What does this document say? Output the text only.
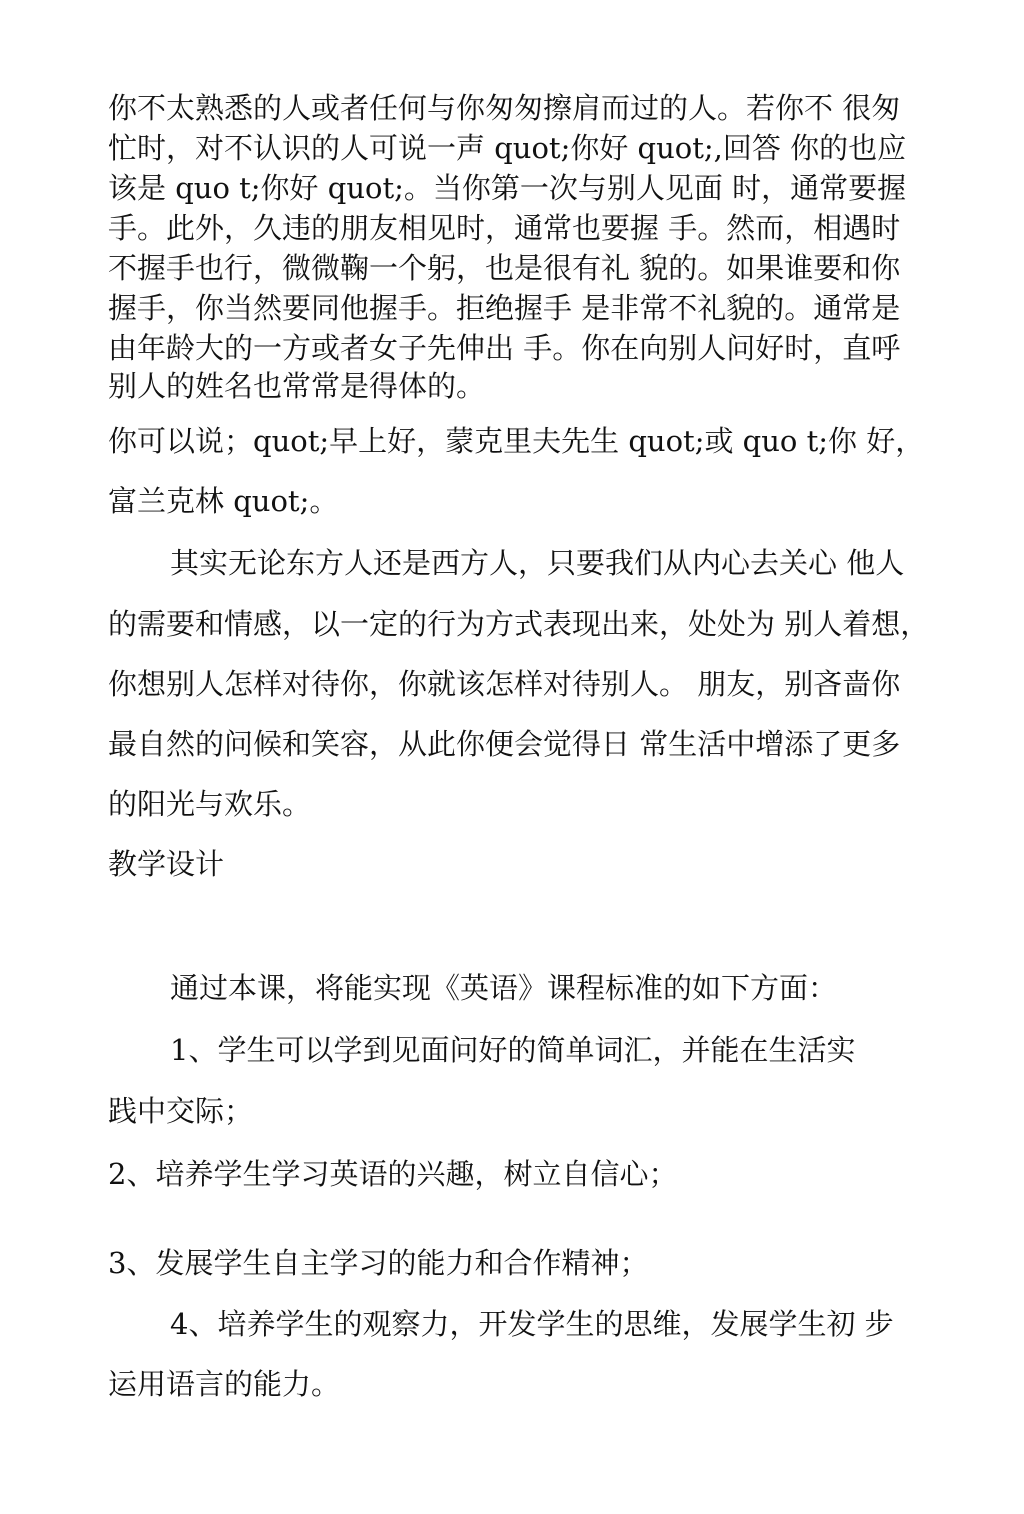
你不太熟悉的人或者任何与你匆匆擦肩而过的人。若你不 很匆
忙时，对不认识的人可说一声 quot;你好 quot;,回答 你的也应
该是 quo t;你好 quot;。当你第一次与别人见面 时，通常要握
手。此外，久违的朋友相见时，通常也要握 手。然而，相遇时
不握手也行，微微鞠一个躬，也是很有礼 貌的。如果谁要和你
握手，你当然要同他握手。拒绝握手 是非常不礼貌的。通常是
由年龄大的一方或者女子先伸出 手。你在向别人问好时，直呼
别人的姓名也常常是得体的。
你可以说；quot;早上好，蒙克里夫先生 quot;或 quo t;你 好，
富兰克林 quot;。
其实无论东方人还是西方人，只要我们从内心去关心 他人
的需要和情感，以一定的行为方式表现出来，处处为 别人着想，
你想别人怎样对待你，你就该怎样对待别人。 朋友，别吝啬你
最自然的问候和笑容，从此你便会觉得日 常生活中增添了更多
的阳光与欢乐。
教学设计
通过本课，将能实现《英语》课程标准的如下方面：
1、学生可以学到见面问好的简单词汇，并能在生活实
践中交际；
2、培养学生学习英语的兴趣，树立自信心；
3、发展学生自主学习的能力和合作精神；
4、培养学生的观察力，开发学生的思维，发展学生初 步
运用语言的能力。
